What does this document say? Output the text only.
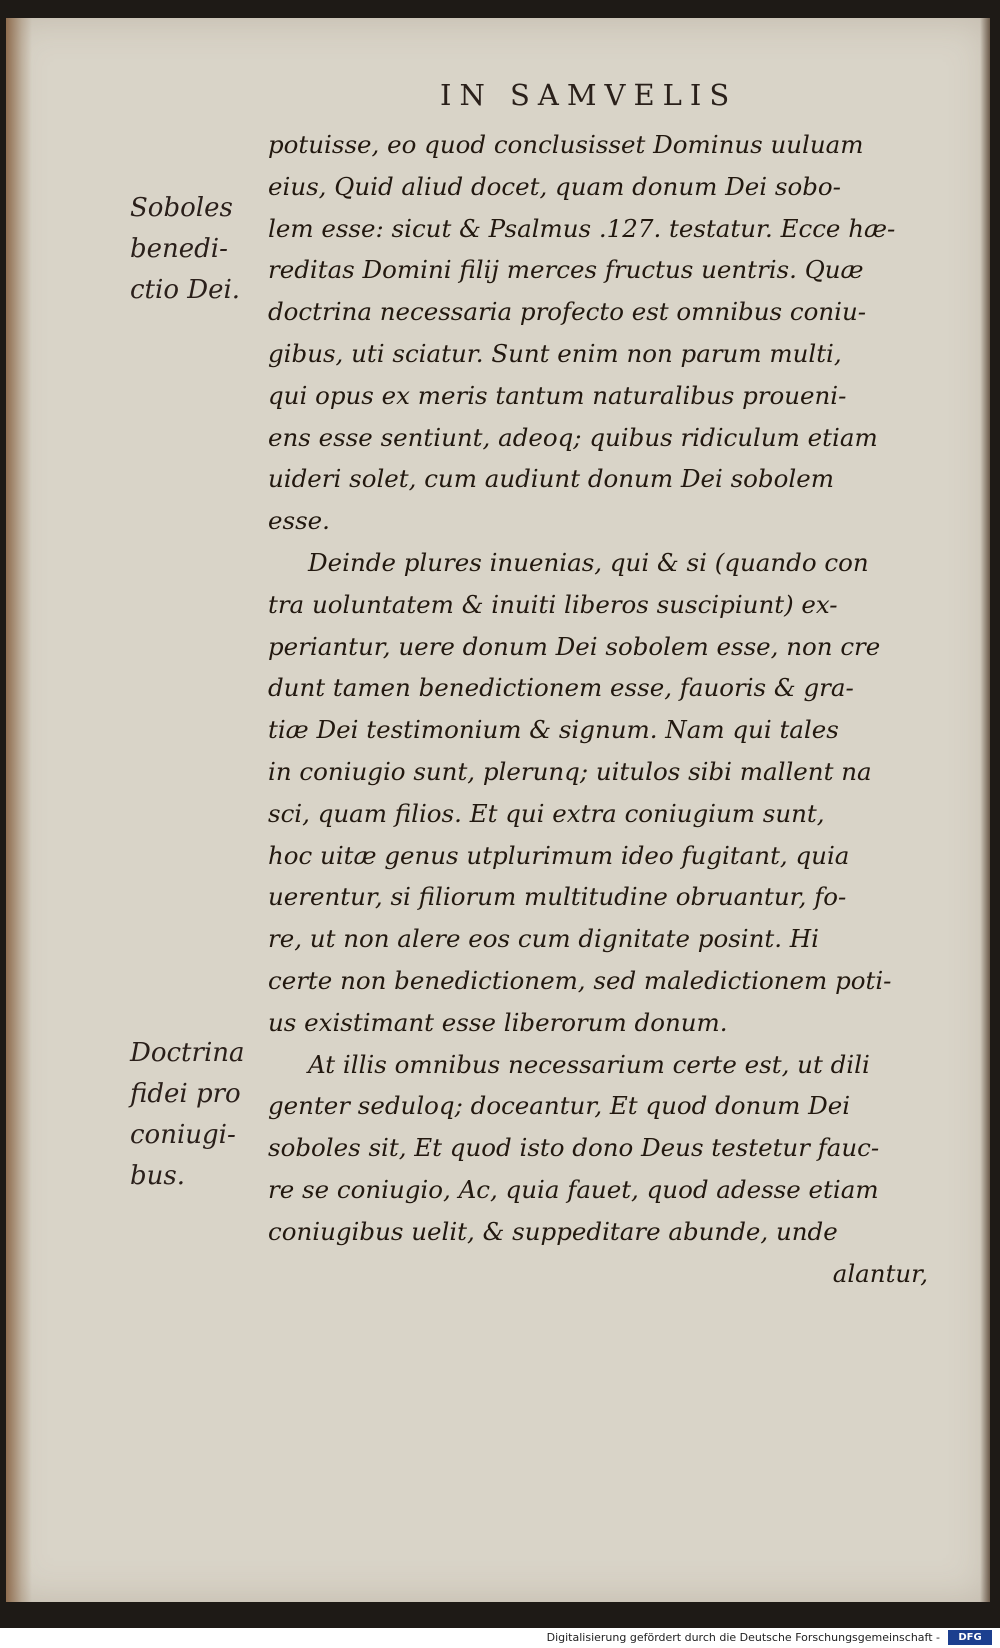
IN SAMVELIS
Soboles
benedi-
ctio Dei.
Doctrina
fidei pro
coniugi-
bus.
potuisse, eo quod conclusisset Dominus uuluam
eius, Quid aliud docet, quam donum Dei sobo-
lem esse: sicut & Psalmus .127. testatur. Ecce hæ-
reditas Domini filij merces fructus uentris. Quæ
doctrina necessaria profecto est omnibus coniu-
gibus, uti sciatur. Sunt enim non parum multi,
qui opus ex meris tantum naturalibus proueni-
ens esse sentiunt, adeoq; quibus ridiculum etiam
uideri solet, cum audiunt donum Dei sobolem
esse.
Deinde plures inuenias, qui & si (quando con
tra uoluntatem & inuiti liberos suscipiunt) ex-
periantur, uere donum Dei sobolem esse, non cre
dunt tamen benedictionem esse, fauoris & gra-
tiæ Dei testimonium & signum. Nam qui tales
in coniugio sunt, plerunq; uitulos sibi mallent na
sci, quam filios. Et qui extra coniugium sunt,
hoc uitæ genus utplurimum ideo fugitant, quia
uerentur, si filiorum multitudine obruantur, fo-
re, ut non alere eos cum dignitate posint. Hi
certe non benedictionem, sed maledictionem poti-
us existimant esse liberorum donum.
At illis omnibus necessarium certe est, ut dili
genter seduloq; doceantur, Et quod donum Dei
soboles sit, Et quod isto dono Deus testetur fauc-
re se coniugio, Ac, quia fauet, quod adesse etiam
coniugibus uelit, & suppeditare abunde, unde
alantur,
Digitalisierung gefördert durch die Deutsche Forschungsgemeinschaft -	DFG
